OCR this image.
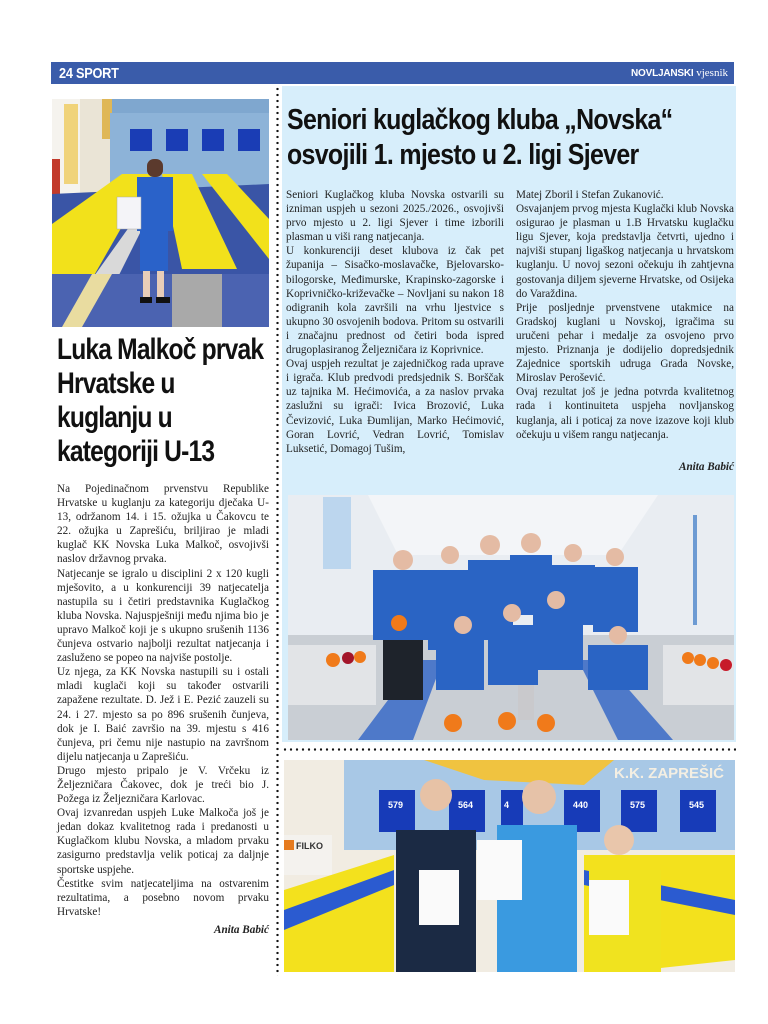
24 SPORT	NOVLJANSKI vjesnik
Luka Malkoč prvak Hrvatske u kuglanju u kategoriji U-13

Na Pojedinačnom prvenstvu Republike Hrvatske u kuglanju za kategoriju dječaka U-13, održanom 14. i 15. ožujka u Čakovcu te 22. ožujka u Zaprešiću, briljirao je mladi kuglač KK Novska Luka Malkoč, osvojivši naslov državnog prvaka.

Natjecanje se igralo u disciplini 2 x 120 kugli mješovito, a u konkurenciji 39 natjecatelja nastupila su i četiri predstavnika Kuglačkog kluba Novska. Najuspješniji među njima bio je upravo Malkoč koji je s ukupno srušenih 1136 čunjeva ostvario najbolji rezultat natjecanja i zasluženo se popeo na najviše postolje.

Uz njega, za KK Novska nastupili su i ostali mladi kuglači koji su također ostvarili zapažene rezultate. D. Jež i E. Pezić zauzeli su 24. i 27. mjesto sa po 896 srušenih čunjeva, dok je I. Baić završio na 39. mjestu s 416 čunjeva, pri čemu nije nastupio na završnom dijelu natjecanja u Zaprešiću.

Drugo mjesto pripalo je V. Vrčeku iz Željezničara Čakovec, dok je treći bio J. Požega iz Željezničara Karlovac.

Ovaj izvanredan uspjeh Luke Malkoča još je jedan dokaz kvalitetnog rada i predanosti u Kuglačkom klubu Novska, a mladom prvaku zasigurno predstavlja velik poticaj za daljnje sportske uspjehe.

Čestitke svim natjecateljima na ostvarenim rezultatima, a posebno novom prvaku Hrvatske!

Anita Babić

Seniori kuglačkog kluba „Novska“ osvojili 1. mjesto u 2. ligi Sjever

Seniori Kuglačkog kluba Novska ostvarili su izniman uspjeh u sezoni 2025./2026., osvojivši prvo mjesto u 2. ligi Sjever i time izborili plasman u viši rang natjecanja.

U konkurenciji deset klubova iz čak pet županija – Sisačko-moslavačke, Bjelovarsko-bilogorske, Međimurske, Krapinsko-zagorske i Koprivničko-križevačke – Novljani su nakon 18 odigranih kola završili na vrhu ljestvice s ukupno 30 osvojenih bodova. Pritom su ostvarili i značajnu prednost od četiri boda ispred drugoplasiranog Željezničara iz Koprivnice.

Ovaj uspjeh rezultat je zajedničkog rada uprave i igrača. Klub predvodi predsjednik S. Borščak uz tajnika M. Hećimovića, a za naslov prvaka zaslužni su igrači: Ivica Brozović, Luka Čevizović, Luka Đumlijan, Marko Hećimović, Goran Lovrić, Vedran Lovrić, Tomislav Luksetić, Domagoj Tušim,

Matej Zboril i Stefan Zukanović.

Osvajanjem prvog mjesta Kuglački klub Novska osigurao je plasman u 1.B Hrvatsku kuglačku ligu Sjever, koja predstavlja četvrti, ujedno i najviši stupanj ligaškog natjecanja u hrvatskom kuglanju. U novoj sezoni očekuju ih zahtjevna gostovanja diljem sjeverne Hrvatske, od Osijeka do Varaždina.

Prije posljednje prvenstvene utakmice na Gradskoj kuglani u Novskoj, igračima su uručeni pehar i medalje za osvojeno prvo mjesto. Priznanja je dodijelio dopredsjednik Zajednice sportskih udruga Grada Novske, Miroslav Perošević.

Ovaj rezultat još je jedna potvrda kvalitetnog rada i kontinuiteta uspjeha novljanskog kuglanja, ali i poticaj za nove izazove koji klub očekuju u višem rangu natjecanja.

Anita Babić

K.K. ZAPREŠIĆ
579	564	4	440	575	545
FILKO
